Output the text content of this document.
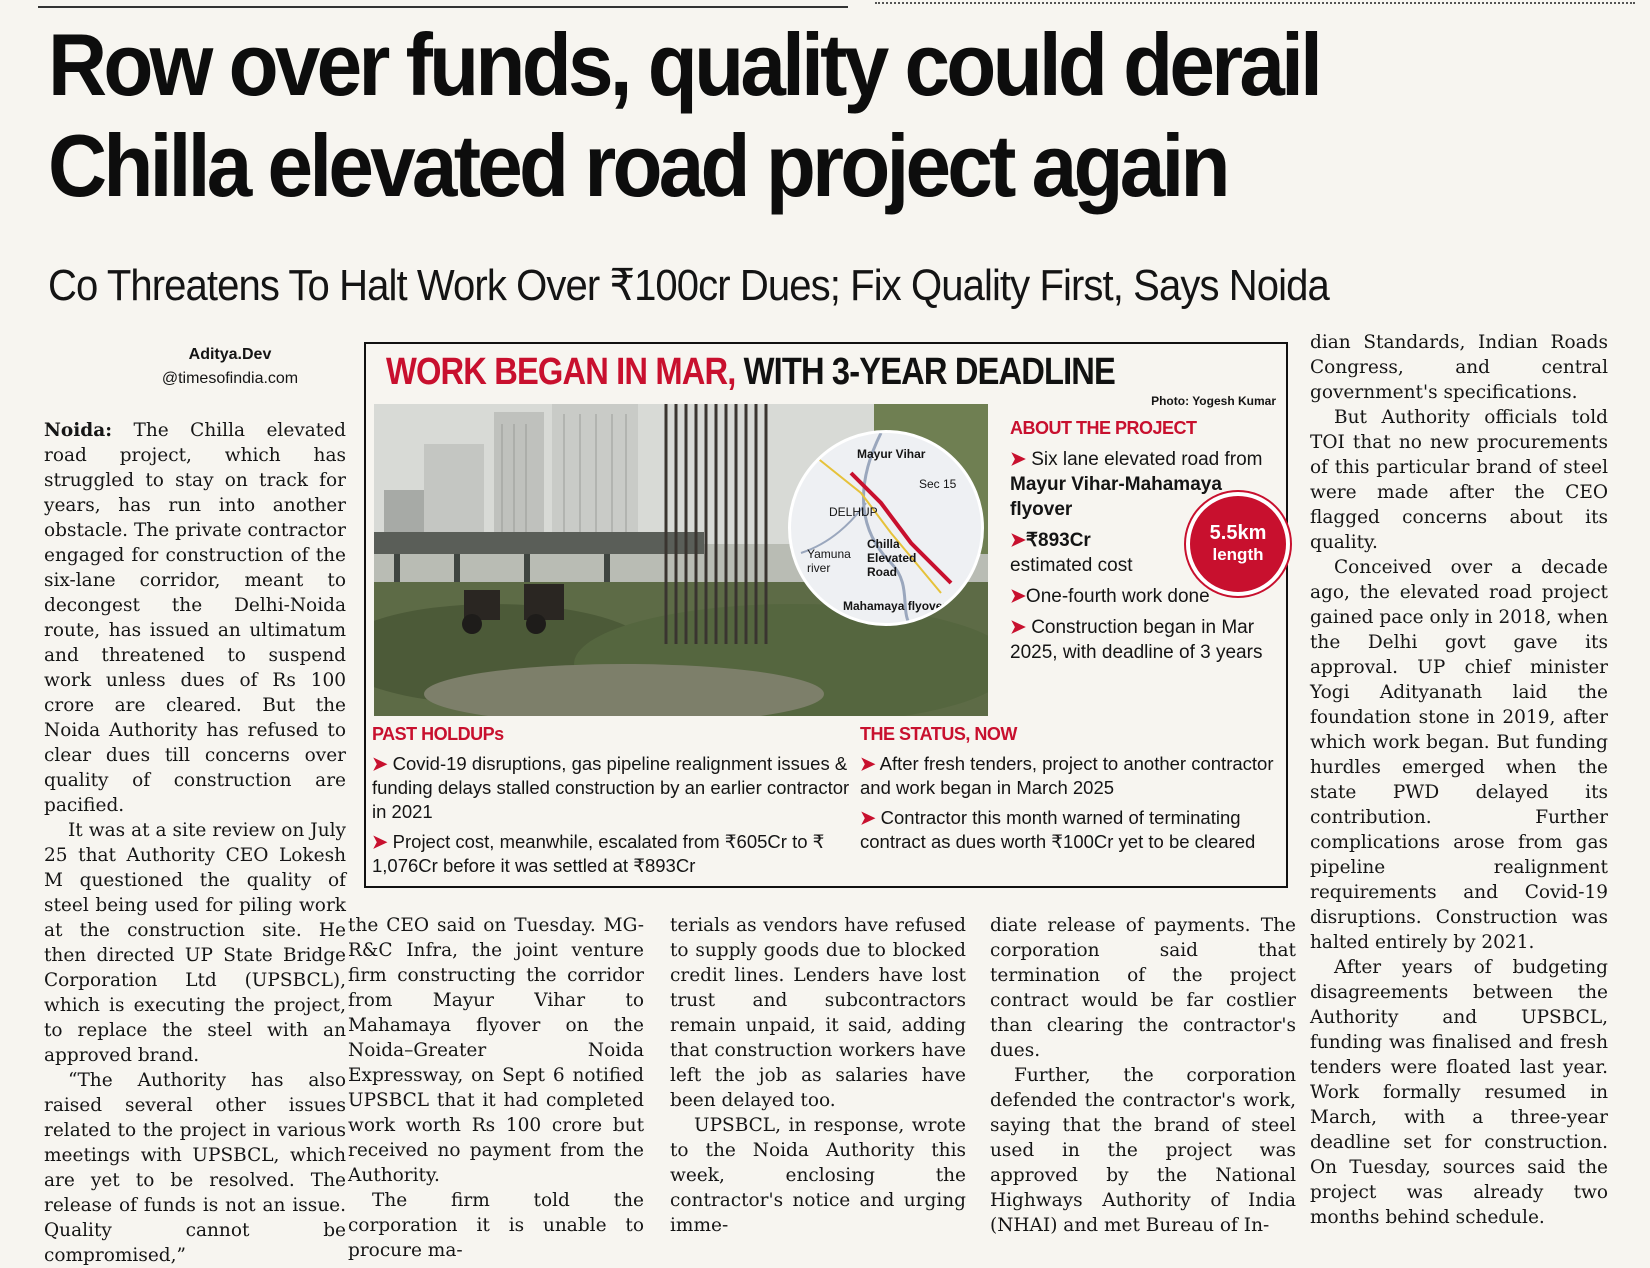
Row over funds, quality could derail
Chilla elevated road project again
Co Threatens To Halt Work Over ₹100cr Dues; Fix Quality First, Says Noida
Aditya.Dev
@timesofindia.com

Noida: The Chilla elevated road project, which has struggled to stay on track for years, has run into another obstacle. The private contractor engaged for construction of the six-lane corridor, meant to decongest the Delhi-Noida route, has issued an ultimatum and threatened to suspend work unless dues of Rs 100 crore are cleared. But the Noida Authority has refused to clear dues till concerns over quality of construction are pacified.

It was at a site review on July 25 that Authority CEO Lokesh M questioned the quality of steel being used for piling work at the construction site. He then directed UP State Bridge Corporation Ltd (UPSBCL), which is executing the project, to replace the steel with an approved brand.

“The Authority has also raised several other issues related to the project in various meetings with UPSBCL, which are yet to be resolved. The release of funds is not an issue. Quality cannot be compromised,”

the CEO said on Tuesday. MG-R&C Infra, the joint venture firm constructing the corridor from Mayur Vihar to Mahamaya flyover on the Noida–Greater Noida Expressway, on Sept 6 notified UPSBCL that it had completed work worth Rs 100 crore but received no payment from the Authority.

The firm told the corporation it is unable to procure ma-

terials as vendors have refused to supply goods due to blocked credit lines. Lenders have lost trust and subcontractors remain unpaid, it said, adding that construction workers have left the job as salaries have been delayed too.

UPSBCL, in response, wrote to the Noida Authority this week, enclosing the contractor's notice and urging imme-

diate release of payments. The corporation said that termination of the project contract would be far costlier than clearing the contractor's dues.

Further, the corporation defended the contractor's work, saying that the brand of steel used in the project was approved by the National Highways Authority of India (NHAI) and met Bureau of In-

dian Standards, Indian Roads Congress, and central government's specifications.

But Authority officials told TOI that no new procurements of this particular brand of steel were made after the CEO flagged concerns about its quality.

Conceived over a decade ago, the elevated road project gained pace only in 2018, when the Delhi govt gave its approval. UP chief minister Yogi Adityanath laid the foundation stone in 2019, after which work began. But funding hurdles emerged when the state PWD delayed its contribution. Further complications arose from gas pipeline realignment requirements and Covid-19 disruptions. Construction was halted entirely by 2021.

After years of budgeting disagreements between the Authority and UPSBCL, funding was finalised and fresh tenders were floated last year. Work formally resumed in March, with a three-year deadline set for construction. On Tuesday, sources said the project was already two months behind schedule.

WORK BEGAN IN MAR, WITH 3-YEAR DEADLINE
Photo: Yogesh Kumar
Mayur Vihar
Sec 15
DELHI
UP
Yamuna river
Chilla Elevated Road
Mahamaya flyover
ABOUT THE PROJECT
➤ Six lane elevated road from Mayur Vihar-Mahamaya flyover
➤₹893Cr
estimated cost
➤One-fourth work done
➤ Construction began in Mar 2025, with deadline of 3 years
5.5km
length
PAST HOLDUPs
➤ Covid-19 disruptions, gas pipeline realignment issues & funding delays stalled construction by an earlier contractor in 2021
➤ Project cost, meanwhile, escalated from ₹605Cr to ₹ 1,076Cr before it was settled at ₹893Cr
THE STATUS, NOW
➤ After fresh tenders, project to another contractor and work began in March 2025
➤ Contractor this month warned of terminating contract as dues worth ₹100Cr yet to be cleared
